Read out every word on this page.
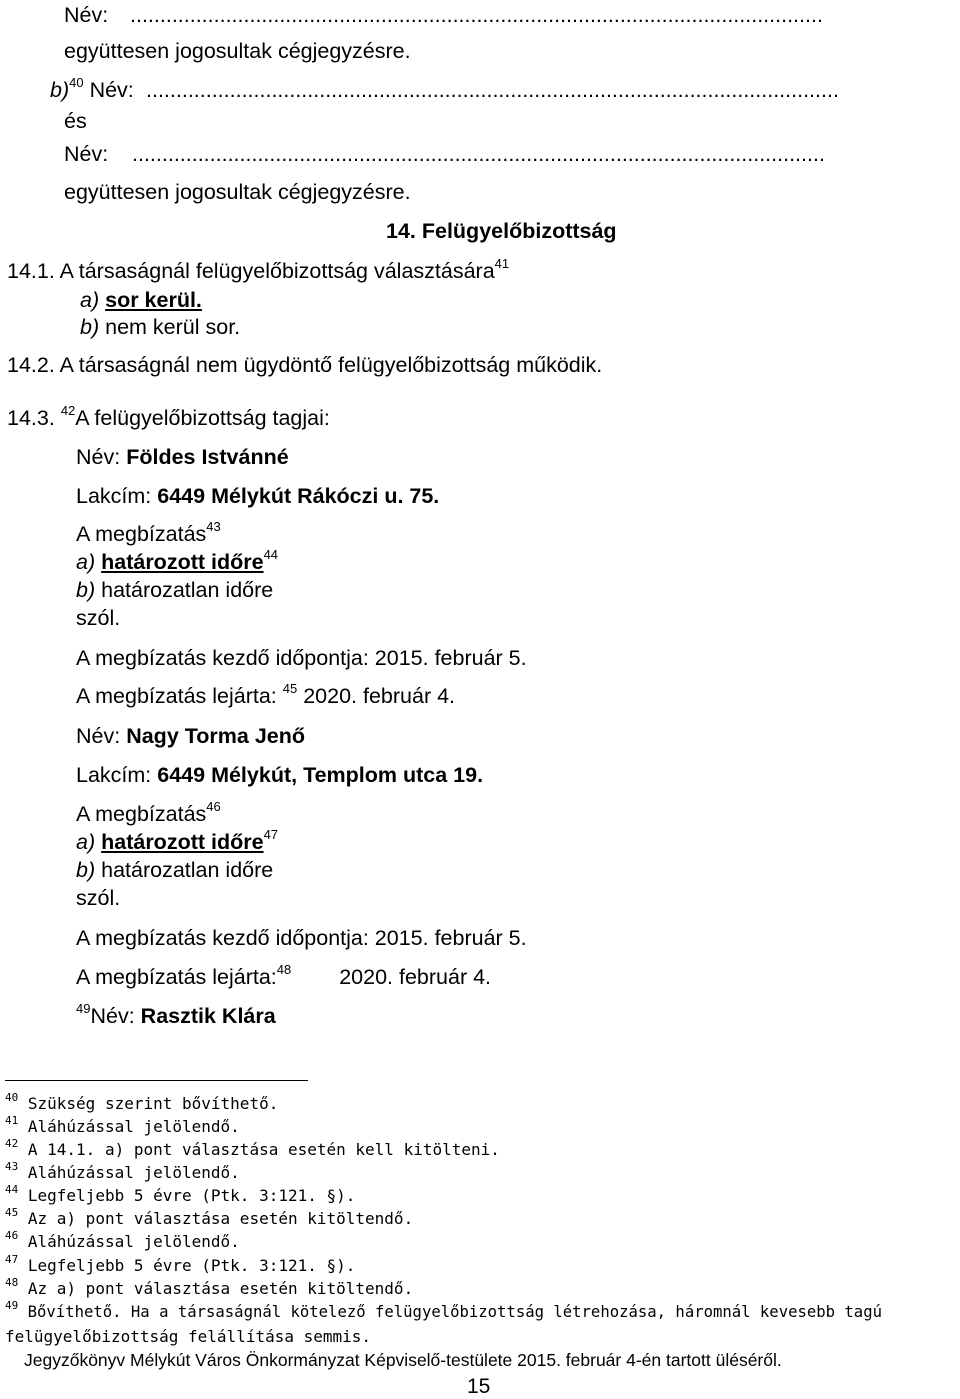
Név: ....................................................................................................................
együttesen jogosultak cégjegyzésre.
b)$^{40}$ Név: ....................................................................................................................
és
Név: ....................................................................................................................
együttesen jogosultak cégjegyzésre.
14. Felügyelőbizottság
14.1. A társaságnál felügyelőbizottság választására$^{41}$
a) sor kerül.
b) nem kerül sor.
14.2. A társaságnál nem ügydöntő felügyelőbizottság működik.
14.3. $^{42}$A felügyelőbizottság tagjai:
Név: Földes Istvánné
Lakcím: 6449 Mélykút Rákóczi u. 75.
A megbízatás$^{43}$
a) határozott időre$^{44}$
b) határozatlan időre
szól.
A megbízatás kezdő időpontja: 2015. február 5.
A megbízatás lejárta: $^{45}$ 2020. február 4.
Név: Nagy Torma Jenő
Lakcím: 6449 Mélykút, Templom utca 19.
A megbízatás$^{46}$
a) határozott időre$^{47}$
b) határozatlan időre
szól.
A megbízatás kezdő időpontja: 2015. február 5.
A megbízatás lejárta:$^{48}$ 2020. február 4.
$^{49}$Név: Rasztik Klára
$^{40}$ Szükség szerint bővíthető.
$^{41}$ Aláhúzással jelölendő.
$^{42}$ A 14.1. a) pont választása esetén kell kitölteni.
$^{43}$ Aláhúzással jelölendő.
$^{44}$ Legfeljebb 5 évre (Ptk. 3:121. §).
$^{45}$ Az a) pont választása esetén kitöltendő.
$^{46}$ Aláhúzással jelölendő.
$^{47}$ Legfeljebb 5 évre (Ptk. 3:121. §).
$^{48}$ Az a) pont választása esetén kitöltendő.
$^{49}$ Bővíthető. Ha a társaságnál kötelező felügyelőbizottság létrehozása, háromnál kevesebb tagú
felügyelőbizottság felállítása semmis.
Jegyzőkönyv Mélykút Város Önkormányzat Képviselő-testülete 2015. február 4-én tartott üléséről.
15
